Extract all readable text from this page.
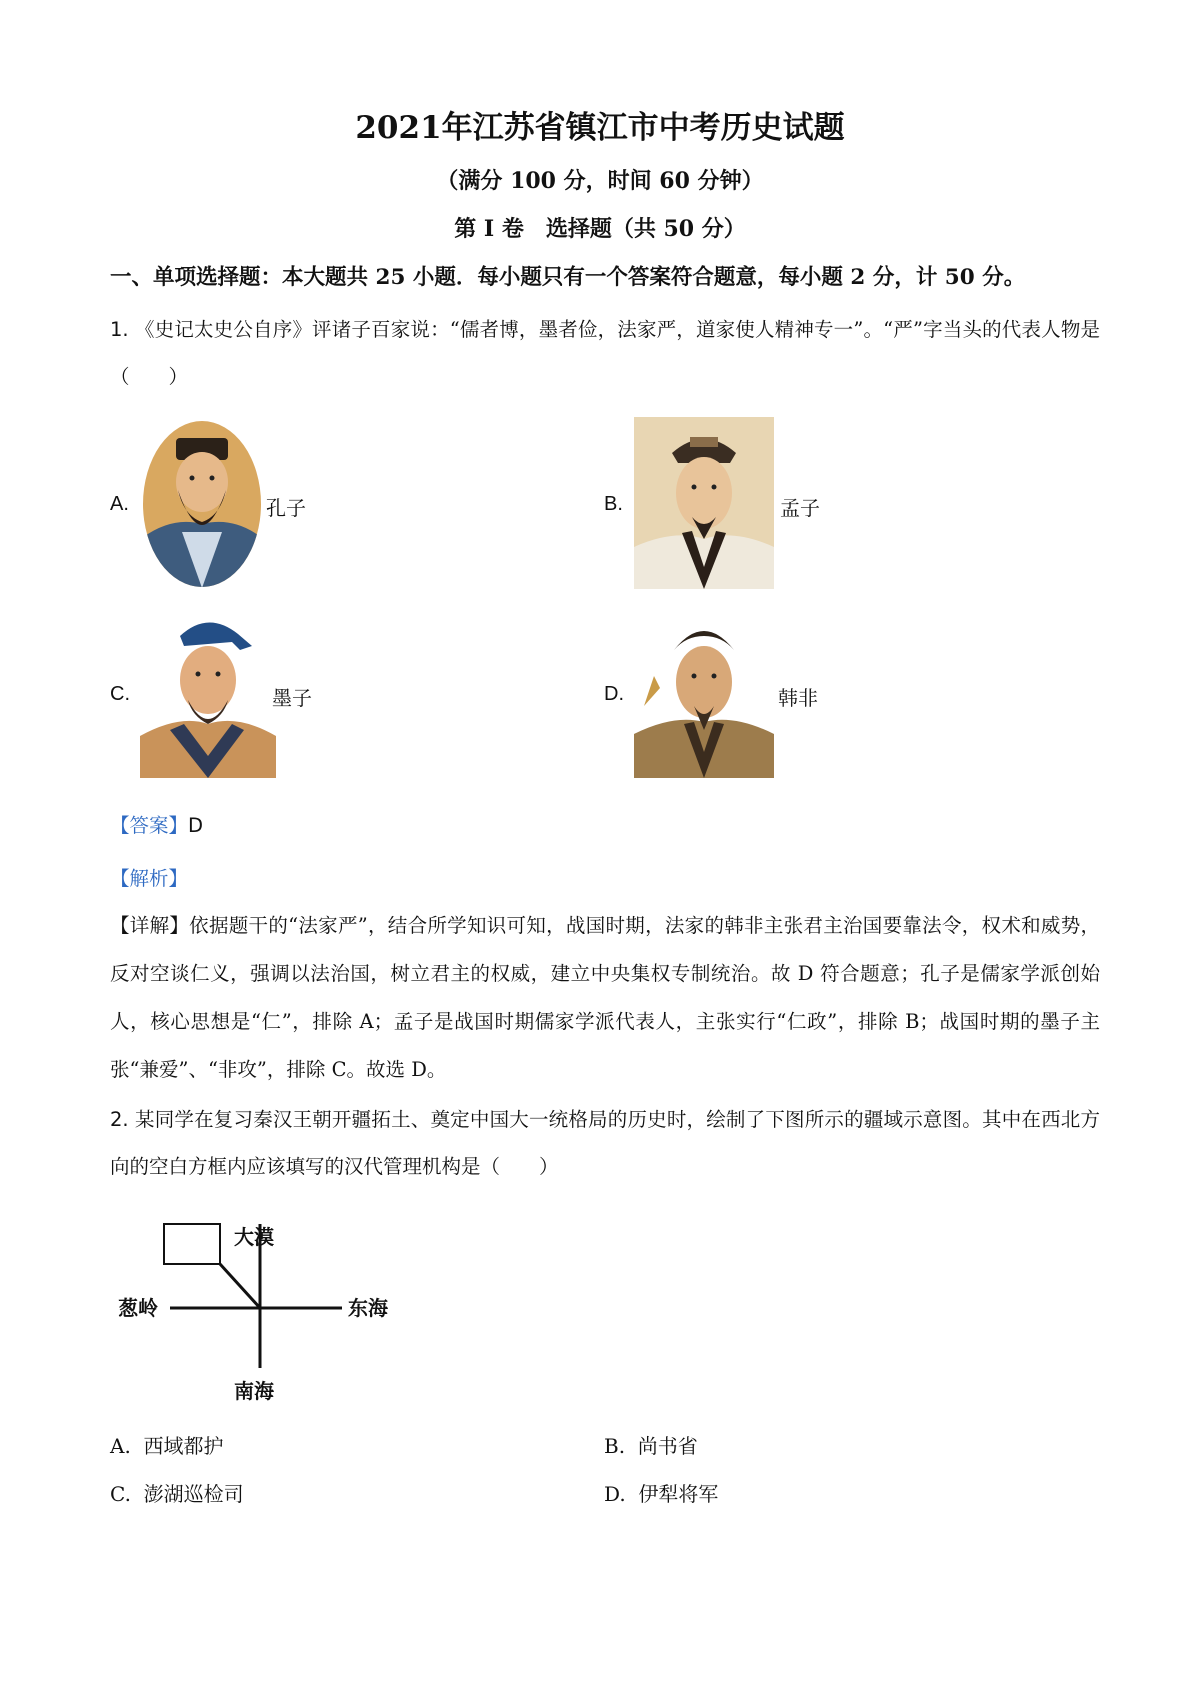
2021年江苏省镇江市中考历史试题
（满分 100 分，时间 60 分钟）
第 I 卷　选择题（共 50 分）
一、单项选择题：本大题共 25 小题．每小题只有一个答案符合题意，每小题 2 分，计 50 分。
1. 《史记太史公自序》评诸子百家说：“儒者博，墨者俭，法家严，道家使人精神专一”。“严”字当头的代表人物是（　　）
A.	孔子	B.	孟子
C.	墨子	D.	韩非
【答案】D
【解析】
【详解】依据题干的“法家严”，结合所学知识可知，战国时期，法家的韩非主张君主治国要靠法令，权术和威势，反对空谈仁义，强调以法治国，树立君主的权威，建立中央集权专制统治。故 D 符合题意；孔子是儒家学派创始人，核心思想是“仁”，排除 A；孟子是战国时期儒家学派代表人，主张实行“仁政”，排除 B；战国时期的墨子主张“兼爱”、“非攻”，排除 C。故选 D。
2. 某同学在复习秦汉王朝开疆拓土、奠定中国大一统格局的历史时，绘制了下图所示的疆域示意图。其中在西北方向的空白方框内应该填写的汉代管理机构是（　　）
大漠
葱岭	东海
南海
A. 西域都护	B. 尚书省
C. 澎湖巡检司	D. 伊犁将军
